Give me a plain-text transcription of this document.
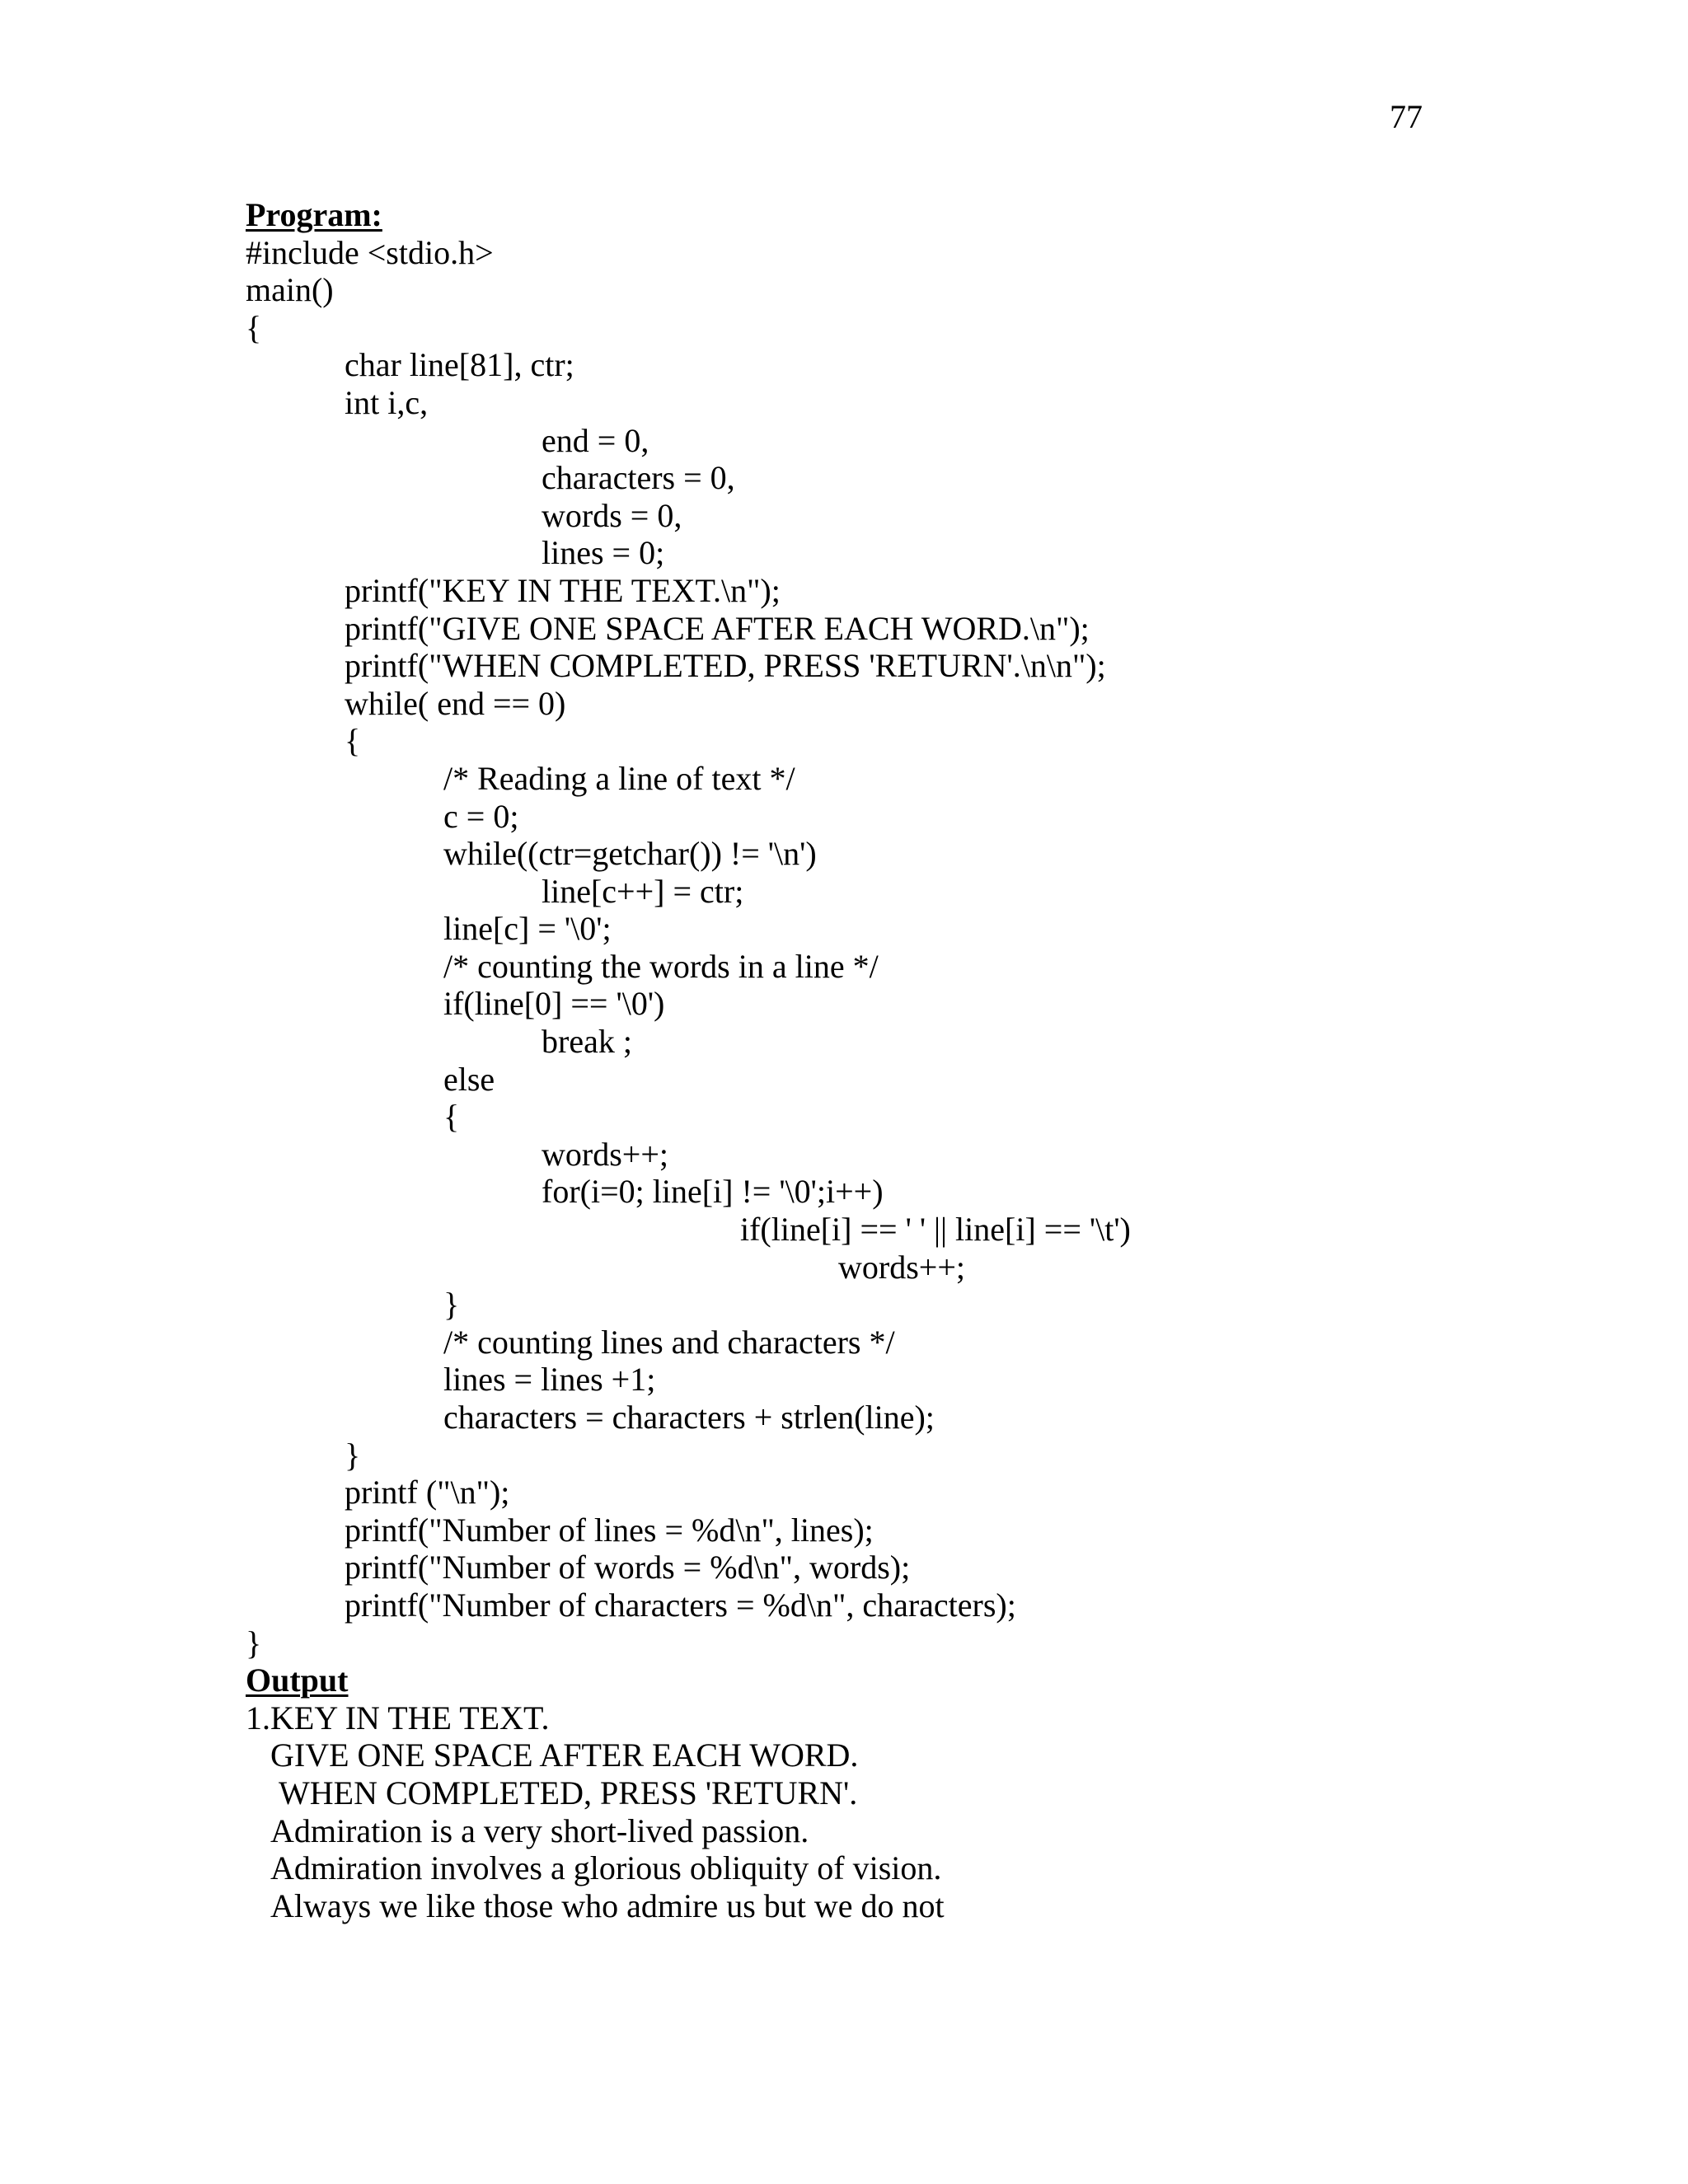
77
Program:
#include <stdio.h>
main()
{
char line[81], ctr;
int i,c,
end = 0,
characters = 0,
words = 0,
lines = 0;
printf("KEY IN THE TEXT.\n");
printf("GIVE ONE SPACE AFTER EACH WORD.\n");
printf("WHEN COMPLETED, PRESS 'RETURN'.\n\n");
while( end == 0)
{
/* Reading a line of text */
c = 0;
while((ctr=getchar()) != '\n')
line[c++] = ctr;
line[c] = '\0';
/* counting the words in a line */
if(line[0] == '\0')
break ;
else
{
words++;
for(i=0; line[i] != '\0';i++)
if(line[i] == ' ' || line[i] == '\t')
words++;
}
/* counting lines and characters */
lines = lines +1;
characters = characters + strlen(line);
}
printf ("\n");
printf("Number of lines = %d\n", lines);
printf("Number of words = %d\n", words);
printf("Number of characters = %d\n", characters);
}
Output
1.KEY IN THE TEXT.
GIVE ONE SPACE AFTER EACH WORD.
WHEN COMPLETED, PRESS 'RETURN'.
Admiration is a very short-lived passion.
Admiration involves a glorious obliquity of vision.
Always we like those who admire us but we do not
